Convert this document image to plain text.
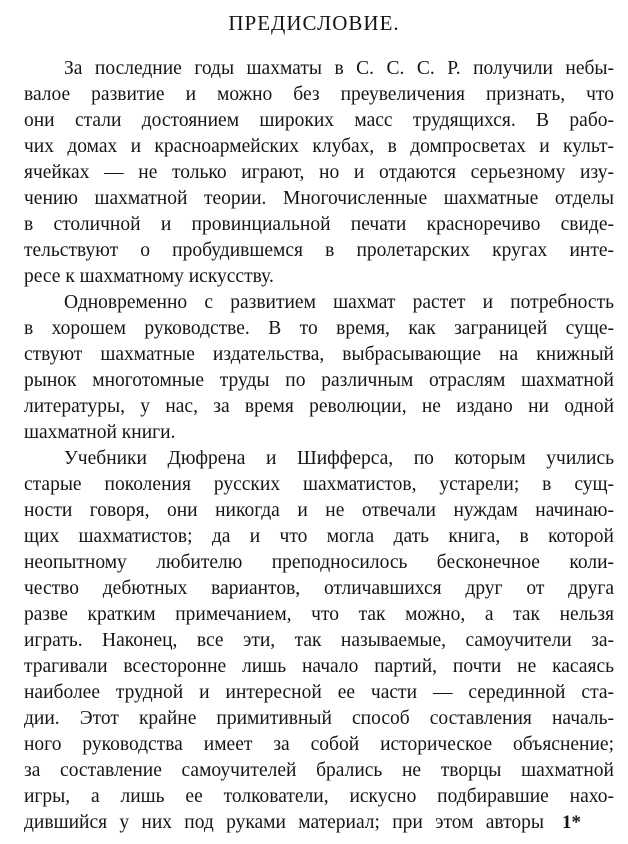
ПРЕДИСЛОВИЕ.
За последние годы шахматы в С. С. С. Р. получили небы-
валое развитие и можно без преувеличения признать, что
они стали достоянием широких масс трудящихся. В рабо-
чих домах и красноармейских клубах, в домпросветах и культ-
ячейках — не только играют, но и отдаются серьезному изу-
чению шахматной теории. Многочисленные шахматные отделы
в столичной и провинциальной печати красноречиво свиде-
тельствуют о пробудившемся в пролетарских кругах инте-
ресе к шахматному искусству.
Одновременно с развитием шахмат растет и потребность
в хорошем руководстве. В то время, как заграницей суще-
ствуют шахматные издательства, выбрасывающие на книжный
рынок многотомные труды по различным отраслям шахматной
литературы, у нас, за время революции, не издано ни одной
шахматной книги.
Учебники Дюфрена и Шифферса, по которым учились
старые поколения русских шахматистов, устарели; в сущ-
ности говоря, они никогда и не отвечали нуждам начинаю-
щих шахматистов; да и что могла дать книга, в которой
неопытному любителю преподносилось бесконечное коли-
чество дебютных вариантов, отличавшихся друг от друга
разве кратким примечанием, что так можно, а так нельзя
играть. Наконец, все эти, так называемые, самоучители за-
трагивали всесторонне лишь начало партий, почти не касаясь
наиболее трудной и интересной ее части — серединной ста-
дии. Этот крайне примитивный способ составления началь-
ного руководства имеет за собой историческое объяснение;
за составление самоучителей брались не творцы шахматной
игры, а лишь ее толкователи, искусно подбиравшие нахо-
дившийся у них под руками материал; при этом авторы 1*
